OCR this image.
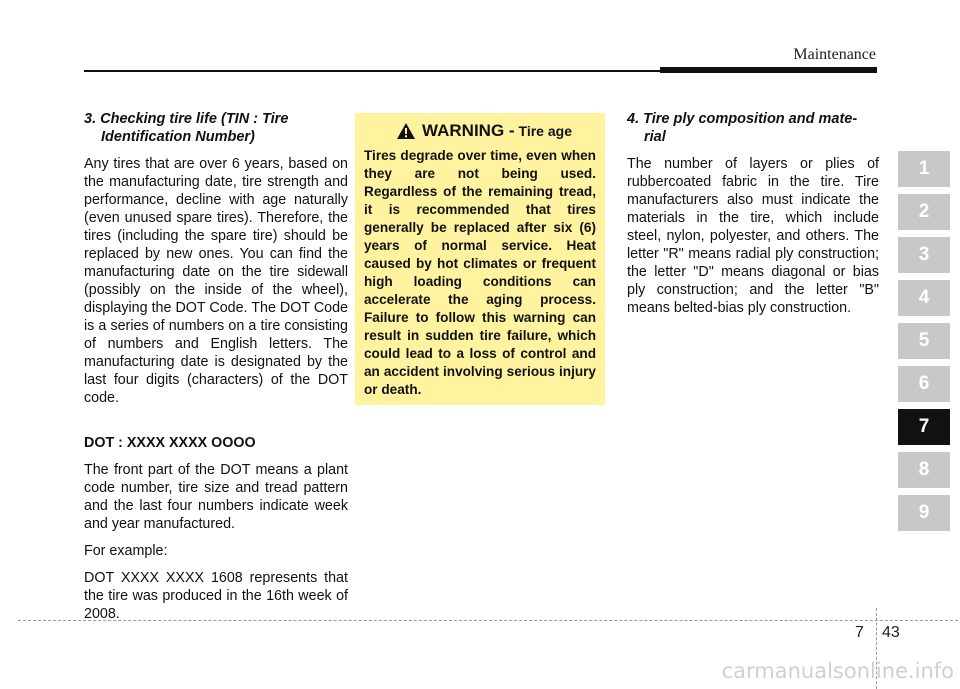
Maintenance
3. Checking tire life (TIN : Tire
Identification Number)

Any tires that are over 6 years, based on the manufacturing date, tire strength and performance, decline with age naturally (even unused spare tires). Therefore, the tires (including the spare tire) should be replaced by new ones. You can find the manufacturing date on the tire sidewall (possibly on the inside of the wheel), displaying the DOT Code. The DOT Code is a series of numbers on a tire consisting of numbers and English letters. The manufacturing date is designated by the last four digits (characters) of the DOT code.

DOT : XXXX XXXX OOOO

The front part of the DOT means a plant code number, tire size and tread pattern and the last four numbers indicate week and year manufactured.

For example:

DOT XXXX XXXX 1608 represents that the tire was produced in the 16th week of 2008.

WARNING - Tire age
Tires degrade over time, even when they are not being used. Regardless of the remaining tread, it is recommended that tires generally be replaced after six (6) years of normal service. Heat caused by hot climates or frequent high loading conditions can accelerate the aging process. Failure to follow this warning can result in sudden tire failure, which could lead to a loss of control and an accident involving serious injury or death.
4. Tire ply composition and mate-
rial

The number of layers or plies of rubbercoated fabric in the tire. Tire manufacturers also must indicate the materials in the tire, which include steel, nylon, polyester, and others. The letter "R" means radial ply construction; the letter "D" means diagonal or bias ply construction; and the letter "B" means belted-bias ply construction.

1
2
3
4
5
6
7
8
9
7 43
carmanualsonline.info
